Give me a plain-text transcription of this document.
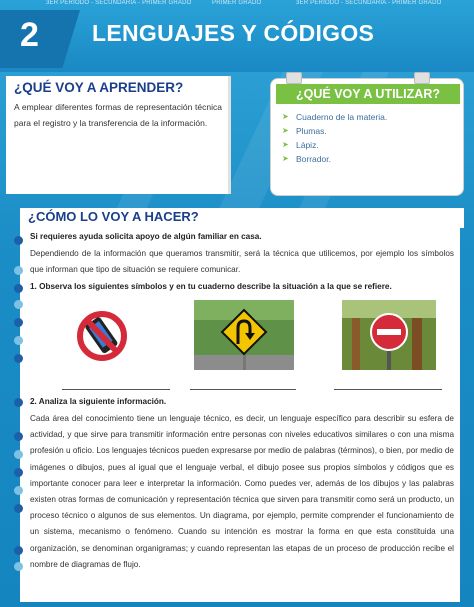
3ER PERIODO - SECUNDARIA - PRIMER GRADO	PRIMER GRADO	3ER PERIODO - SECUNDARIA - PRIMER GRADO
2 LENGUAJES Y CÓDIGOS
¿QUÉ VOY A APRENDER?
A emplear diferentes formas de representación técnica para el registro y la transferencia de la información.
¿QUÉ VOY A UTILIZAR?
➤ Cuaderno de la materia.
➤ Plumas.
➤ Lápiz.
➤ Borrador.
¿CÓMO LO VOY A HACER?
Si requieres ayuda solicita apoyo de algún familiar en casa.
Dependiendo de la información que queramos transmitir, será la técnica que utilicemos, por ejemplo los símbolos que informan que tipo de situación se requiere comunicar.
1. Observa los siguientes símbolos y en tu cuaderno describe la situación a la que se refiere.
2. Analiza la siguiente información.
Cada área del conocimiento tiene un lenguaje técnico, es decir, un lenguaje específico para describir su esfera de actividad, y que sirve para transmitir información entre personas con niveles educativos similares o con una misma profesión u oficio. Los lenguajes técnicos pueden expresarse por medio de palabras (términos), o bien, por medio de imágenes o dibujos, pues al igual que el lenguaje verbal, el dibujo posee sus propios símbolos y códigos que es importante conocer para leer e interpretar la información. Como puedes ver, además de los dibujos y las palabras existen otras formas de comunicación y representación técnica que sirven para transmitir como será un producto, un proceso técnico o algunos de sus elementos. Un diagrama, por ejemplo, permite comprender el funcionamiento de un sistema, mecanismo o fenómeno. Cuando su intención es mostrar la forma en que esta constituida una organización, se denominan organigramas; y cuando representan las etapas de un proceso de producción recibe el nombre de diagramas de flujo.
